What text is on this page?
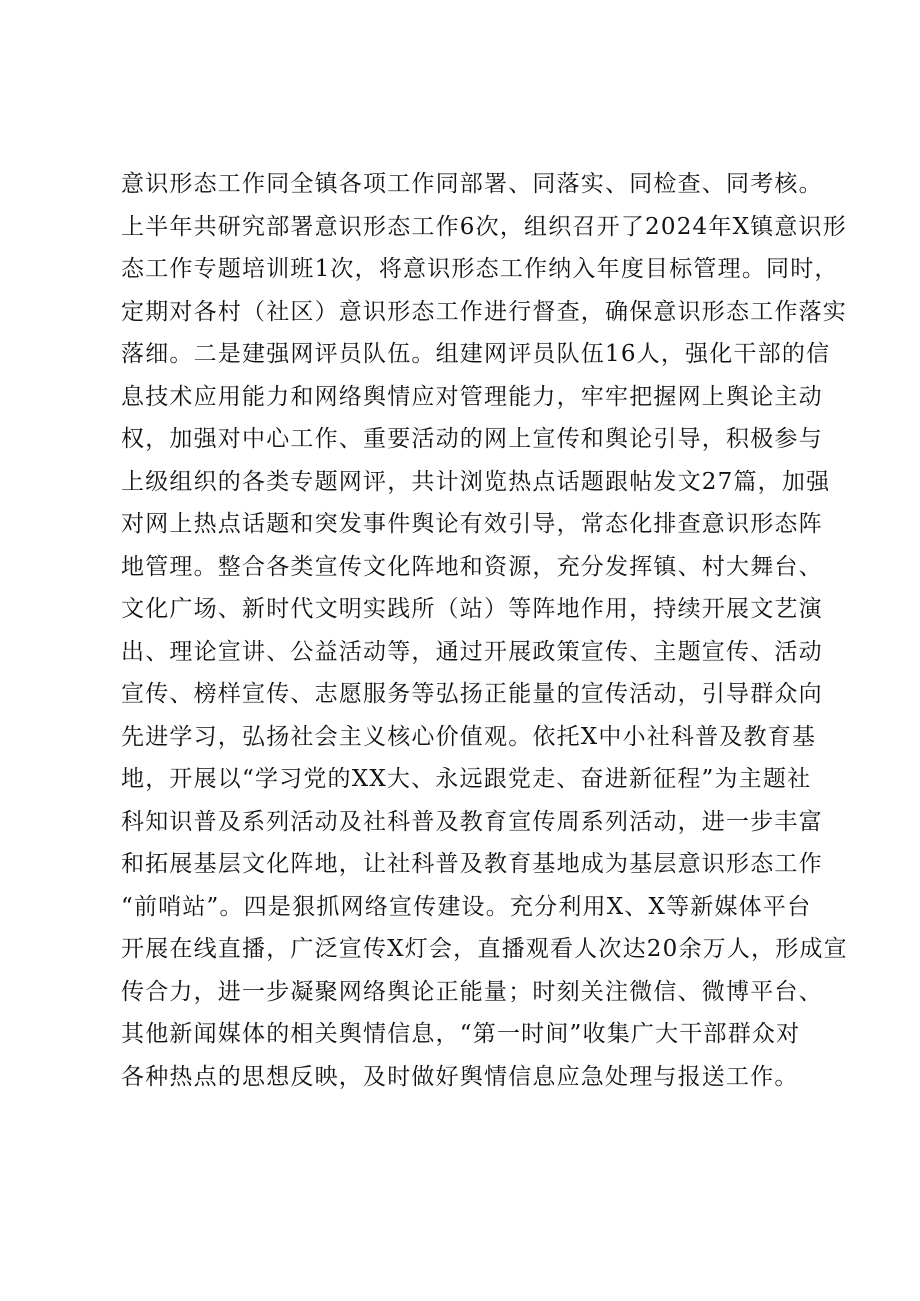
意识形态工作同全镇各项工作同部署、同落实、同检查、同考核。
上半年共研究部署意识形态工作6次，组织召开了2024年X镇意识形
态工作专题培训班1次，将意识形态工作纳入年度目标管理。同时，
定期对各村（社区）意识形态工作进行督查，确保意识形态工作落实
落细。二是建强网评员队伍。组建网评员队伍16人，强化干部的信
息技术应用能力和网络舆情应对管理能力，牢牢把握网上舆论主动
权，加强对中心工作、重要活动的网上宣传和舆论引导，积极参与
上级组织的各类专题网评，共计浏览热点话题跟帖发文27篇，加强
对网上热点话题和突发事件舆论有效引导，常态化排查意识形态阵
地管理。整合各类宣传文化阵地和资源，充分发挥镇、村大舞台、
文化广场、新时代文明实践所（站）等阵地作用，持续开展文艺演
出、理论宣讲、公益活动等，通过开展政策宣传、主题宣传、活动
宣传、榜样宣传、志愿服务等弘扬正能量的宣传活动，引导群众向
先进学习，弘扬社会主义核心价值观。依托X中小社科普及教育基
地，开展以“学习党的XX大、永远跟党走、奋进新征程”为主题社
科知识普及系列活动及社科普及教育宣传周系列活动，进一步丰富
和拓展基层文化阵地，让社科普及教育基地成为基层意识形态工作
“前哨站”。四是狠抓网络宣传建设。充分利用X、X等新媒体平台
开展在线直播，广泛宣传X灯会，直播观看人次达20余万人，形成宣
传合力，进一步凝聚网络舆论正能量；时刻关注微信、微博平台、
其他新闻媒体的相关舆情信息，“第一时间”收集广大干部群众对
各种热点的思想反映，及时做好舆情信息应急处理与报送工作。
